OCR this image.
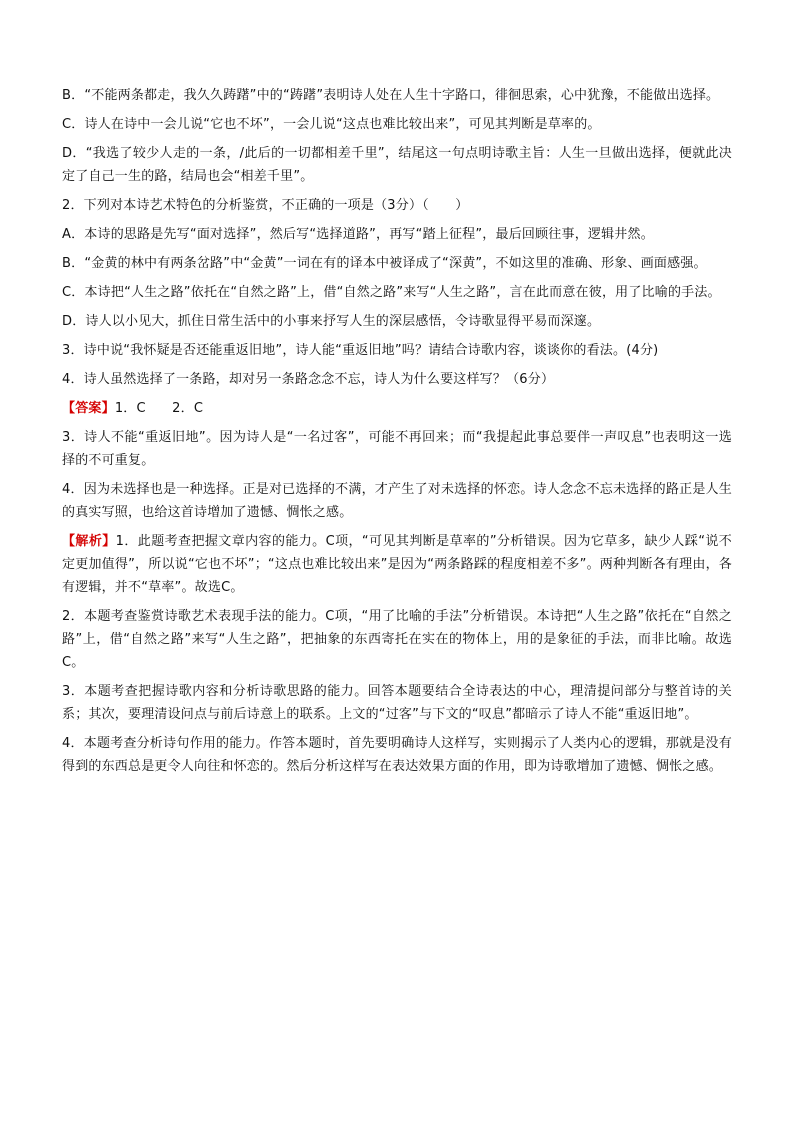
B．“不能两条都走，我久久踌躇”中的“踌躇”表明诗人处在人生十字路口，徘徊思索，心中犹豫，不能做出选择。

C．诗人在诗中一会儿说“它也不坏”，一会儿说“这点也难比较出来”，可见其判断是草率的。

D．“我选了较少人走的一条，/此后的一切都相差千里”，结尾这一句点明诗歌主旨：人生一旦做出选择，便就此决定了自己一生的路，结局也会“相差千里”。

2．下列对本诗艺术特色的分析鉴赏，不正确的一项是（3分）（　　）

A．本诗的思路是先写“面对选择”，然后写“选择道路”，再写“踏上征程”，最后回顾往事，逻辑井然。

B．“金黄的林中有两条岔路”中“金黄”一词在有的译本中被译成了“深黄”，不如这里的准确、形象、画面感强。

C．本诗把“人生之路”依托在“自然之路”上，借“自然之路”来写“人生之路”，言在此而意在彼，用了比喻的手法。

D．诗人以小见大，抓住日常生活中的小事来抒写人生的深层感悟，令诗歌显得平易而深邃。

3．诗中说“我怀疑是否还能重返旧地”，诗人能“重返旧地”吗？请结合诗歌内容，谈谈你的看法。(4分)

4．诗人虽然选择了一条路，却对另一条路念念不忘，诗人为什么要这样写？（6分）

【答案】1．C　　2．C

3．诗人不能“重返旧地”。因为诗人是“一名过客”，可能不再回来；而“我提起此事总要伴一声叹息”也表明这一选择的不可重复。

4．因为未选择也是一种选择。正是对已选择的不满，才产生了对未选择的怀恋。诗人念念不忘未选择的路正是人生的真实写照，也给这首诗增加了遗憾、惆怅之感。

【解析】1．此题考查把握文章内容的能力。C项，“可见其判断是草率的”分析错误。因为它草多，缺少人踩“说不定更加值得”，所以说“它也不坏”；“这点也难比较出来”是因为“两条路踩的程度相差不多”。两种判断各有理由，各有逻辑，并不“草率”。故选C。

2．本题考查鉴赏诗歌艺术表现手法的能力。C项，“用了比喻的手法”分析错误。本诗把“人生之路”依托在“自然之路”上，借“自然之路”来写“人生之路”，把抽象的东西寄托在实在的物体上，用的是象征的手法，而非比喻。故选C。

3．本题考查把握诗歌内容和分析诗歌思路的能力。回答本题要结合全诗表达的中心，理清提问部分与整首诗的关系；其次，要理清设问点与前后诗意上的联系。上文的“过客”与下文的“叹息”都暗示了诗人不能“重返旧地”。

4．本题考查分析诗句作用的能力。作答本题时，首先要明确诗人这样写，实则揭示了人类内心的逻辑，那就是没有得到的东西总是更令人向往和怀恋的。然后分析这样写在表达效果方面的作用，即为诗歌增加了遗憾、惆怅之感。
